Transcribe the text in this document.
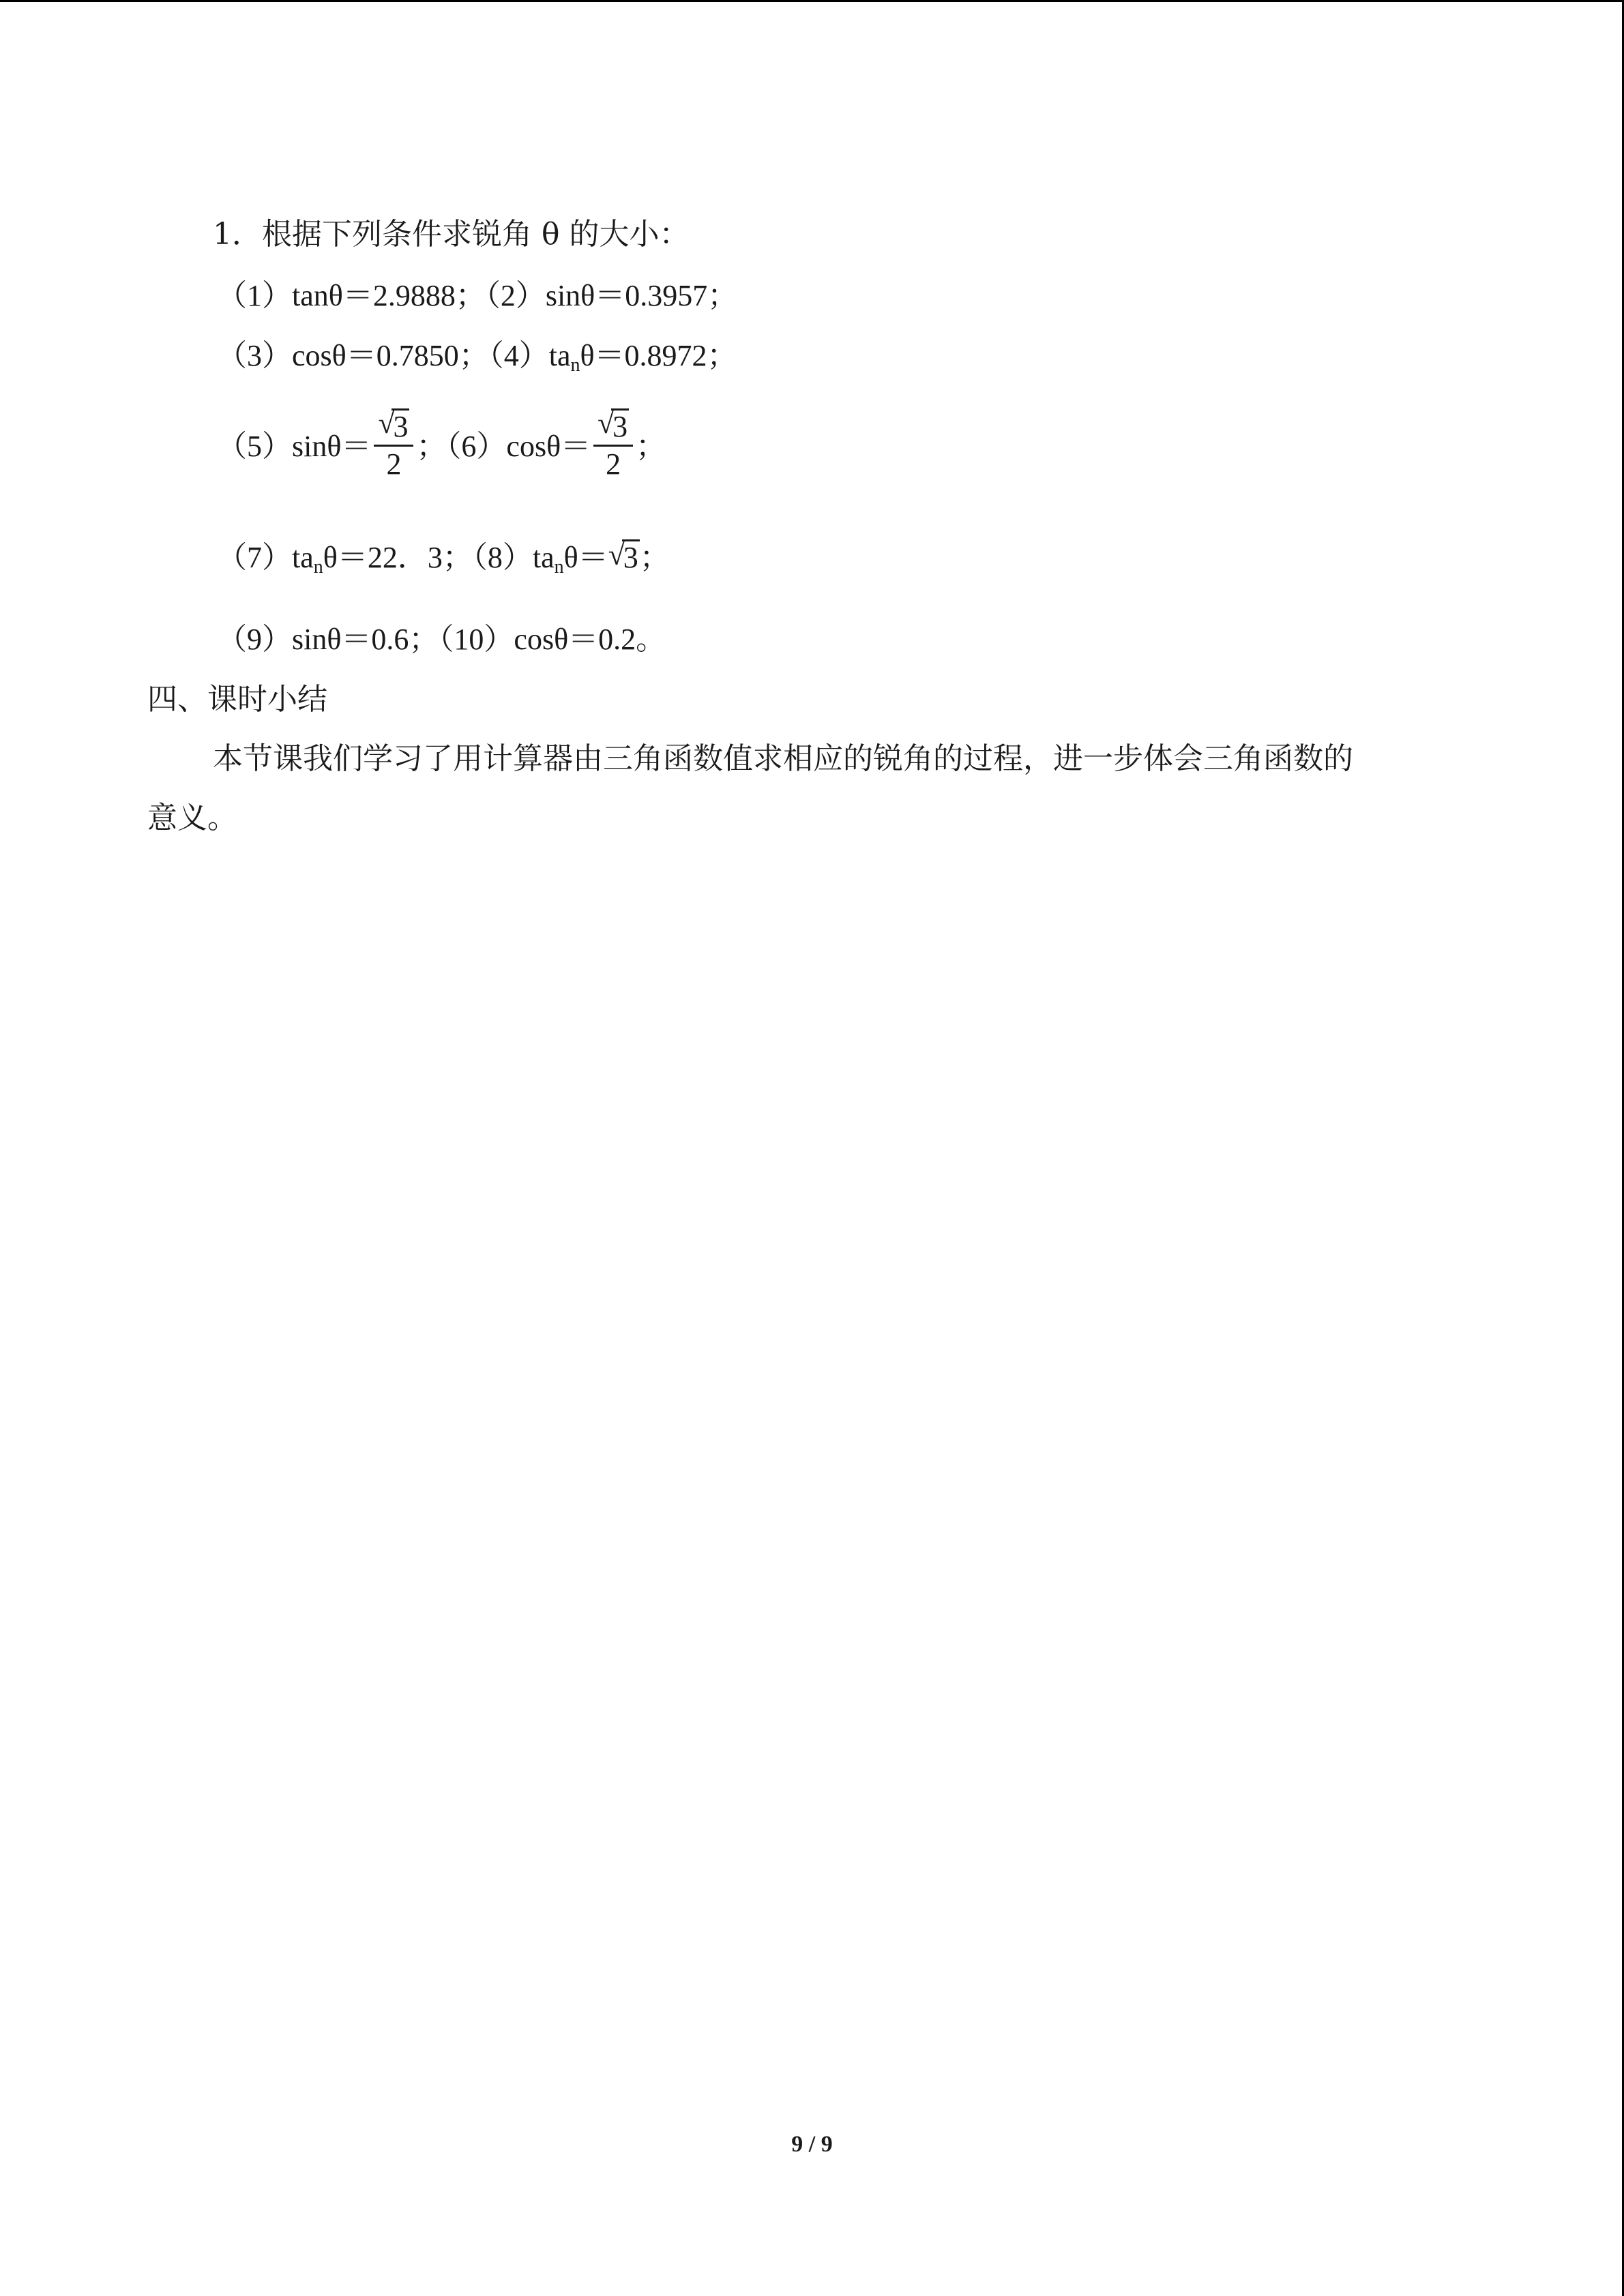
1．根据下列条件求锐角 θ 的大小：
（1）tanθ＝2.9888；（2）sinθ＝0.3957；
（3）cosθ＝0.7850；$(4)ta_n\theta=0.8972$；
（5）sinθ＝ √
3
2 ；（6）cosθ＝ √
3
2 ；
$(7)ta_n\theta=22$．3；$(8)ta_n\theta=$ √
3；
（9）sinθ＝0.6；（10）cosθ＝0.2。
四、课时小结
本节课我们学习了用计算器由三角函数值求相应的锐角的过程，进一步体会三角函数的
意义。
9 / 9
